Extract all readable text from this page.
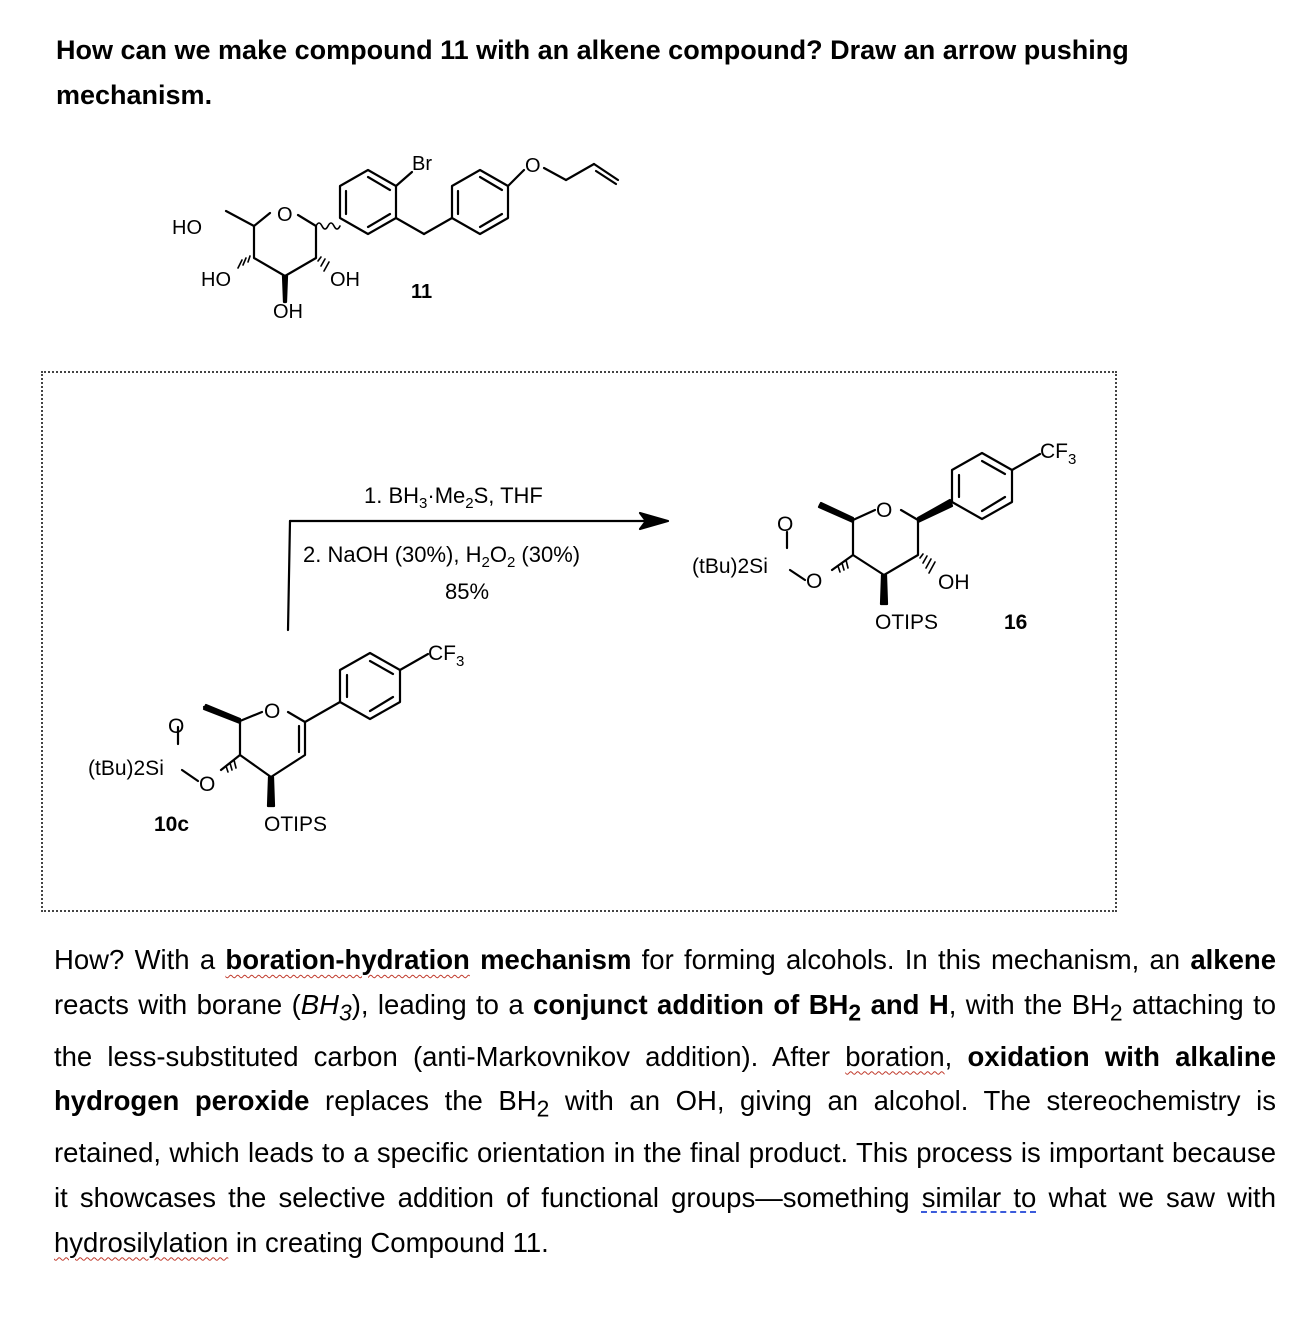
How can we make compound 11 with an alkene compound? Draw an arrow pushing mechanism.
Br	O
O
HO
HO	OH
OH
11
1. $BH_3\cdot Me_2S$, THF
2. NaOH (30%), $H_2O_2$ (30%)
85%
$CF_3$
O
O
(tBu)2Si
O
OTIPS
10c
$CF_3$
O
O
(tBu)2Si
O	OH
OTIPS	16
How? With a boration-hydration mechanism for forming alcohols. In this mechanism, an alkene reacts with borane $(BH_3)$, leading to a conjunct addition of $BH_2$ and H, with the $BH_2$ attaching to the less-substituted carbon (anti-Markovnikov addition). After boration, oxidation with alkaline hydrogen peroxide replaces the $BH_2$ with an OH, giving an alcohol. The stereochemistry is retained, which leads to a specific orientation in the final product. This process is important because it showcases the selective addition of functional groups—something similar to what we saw with hydrosilylation in creating Compound 11.
